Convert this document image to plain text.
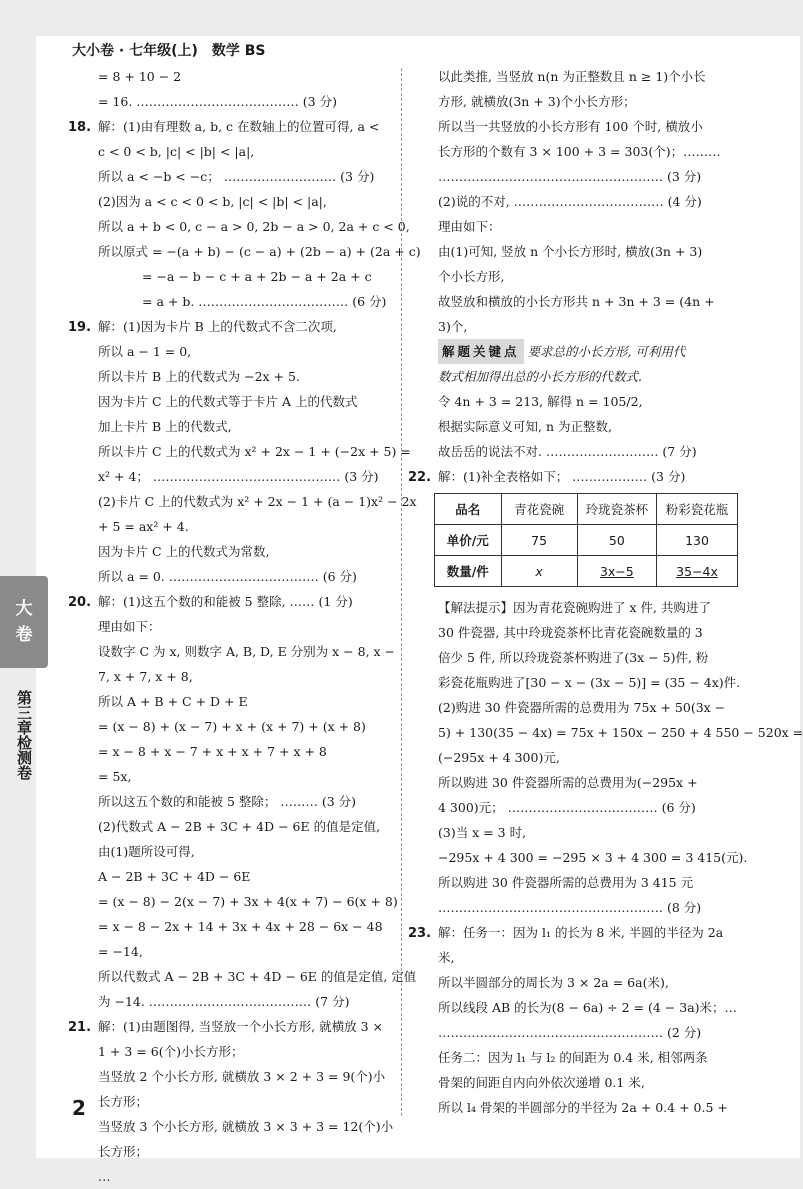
大小卷 · 七年级(上)　数学 BS
大
卷
第三章检测卷
= 8 + 10 − 2
= 16. ………………………………… (3 分)
18. 解：(1)由有理数 a, b, c 在数轴上的位置可得, a <
c < 0 < b, |c| < |b| < |a|,
所以 a < −b < −c； ……………………… (3 分)
(2)因为 a < c < 0 < b, |c| < |b| < |a|,
所以 a + b < 0, c − a > 0, 2b − a > 0, 2a + c < 0,
所以原式 = −(a + b) − (c − a) + (2b − a) + (2a + c)
= −a − b − c + a + 2b − a + 2a + c
= a + b. ……………………………… (6 分)
19. 解：(1)因为卡片 B 上的代数式不含二次项,
所以 a − 1 = 0,
所以卡片 B 上的代数式为 −2x + 5.
因为卡片 C 上的代数式等于卡片 A 上的代数式
加上卡片 B 上的代数式,
所以卡片 C 上的代数式为 x² + 2x − 1 + (−2x + 5) =
x² + 4； ……………………………………… (3 分)
(2)卡片 C 上的代数式为 x² + 2x − 1 + (a − 1)x² − 2x
+ 5 = ax² + 4.
因为卡片 C 上的代数式为常数,
所以 a = 0. ……………………………… (6 分)
20. 解：(1)这五个数的和能被 5 整除, …… (1 分)
理由如下：
设数字 C 为 x, 则数字 A, B, D, E 分别为 x − 8, x −
7, x + 7, x + 8,
所以 A + B + C + D + E
= (x − 8) + (x − 7) + x + (x + 7) + (x + 8)
= x − 8 + x − 7 + x + x + 7 + x + 8
= 5x,
所以这五个数的和能被 5 整除； ……… (3 分)
(2)代数式 A − 2B + 3C + 4D − 6E 的值是定值,
由(1)题所设可得,
A − 2B + 3C + 4D − 6E
= (x − 8) − 2(x − 7) + 3x + 4(x + 7) − 6(x + 8)
= x − 8 − 2x + 14 + 3x + 4x + 28 − 6x − 48
= −14,
所以代数式 A − 2B + 3C + 4D − 6E 的值是定值, 定值
为 −14. ………………………………… (7 分)
21. 解：(1)由题图得, 当竖放一个小长方形, 就横放 3 ×
1 + 3 = 6(个)小长方形；
当竖放 2 个小长方形, 就横放 3 × 2 + 3 = 9(个)小
长方形；
当竖放 3 个小长方形, 就横放 3 × 3 + 3 = 12(个)小
长方形；
…
以此类推, 当竖放 n(n 为正整数且 n ≥ 1)个小长
方形, 就横放(3n + 3)个小长方形；
所以当一共竖放的小长方形有 100 个时, 横放小
长方形的个数有 3 × 100 + 3 = 303(个)；………
……………………………………………… (3 分)
(2)说的不对, ……………………………… (4 分)
理由如下：
由(1)可知, 竖放 n 个小长方形时, 横放(3n + 3)
个小长方形,
故竖放和横放的小长方形共 n + 3n + 3 = (4n +
3)个,
解题关键点 要求总的小长方形, 可利用代
数式相加得出总的小长方形的代数式.
令 4n + 3 = 213, 解得 n = 105/2,
根据实际意义可知, n 为正整数,
故岳岳的说法不对. ……………………… (7 分)
22. 解：(1)补全表格如下； ……………… (3 分)
品名	青花瓷碗	玲珑瓷茶杯	粉彩瓷花瓶
单价/元	75	50	130
数量/件	x	3x−5	35−4x
【解法提示】因为青花瓷碗购进了 x 件, 共购进了
30 件瓷器, 其中玲珑瓷茶杯比青花瓷碗数量的 3
倍少 5 件, 所以玲珑瓷茶杯购进了(3x − 5)件, 粉
彩瓷花瓶购进了[30 − x − (3x − 5)] = (35 − 4x)件.
(2)购进 30 件瓷器所需的总费用为 75x + 50(3x −
5) + 130(35 − 4x) = 75x + 150x − 250 + 4 550 − 520x =
(−295x + 4 300)元,
所以购进 30 件瓷器所需的总费用为(−295x +
4 300)元； ……………………………… (6 分)
(3)当 x = 3 时,
−295x + 4 300 = −295 × 3 + 4 300 = 3 415(元).
所以购进 30 件瓷器所需的总费用为 3 415 元
……………………………………………… (8 分)
23. 解：任务一：因为 l₁ 的长为 8 米, 半圆的半径为 2a
米,
所以半圆部分的周长为 3 × 2a = 6a(米),
所以线段 AB 的长为(8 − 6a) ÷ 2 = (4 − 3a)米；…
……………………………………………… (2 分)
任务二：因为 l₁ 与 l₂ 的间距为 0.4 米, 相邻两条
骨架的间距自内向外依次递增 0.1 米,
所以 l₄ 骨架的半圆部分的半径为 2a + 0.4 + 0.5 +
2
